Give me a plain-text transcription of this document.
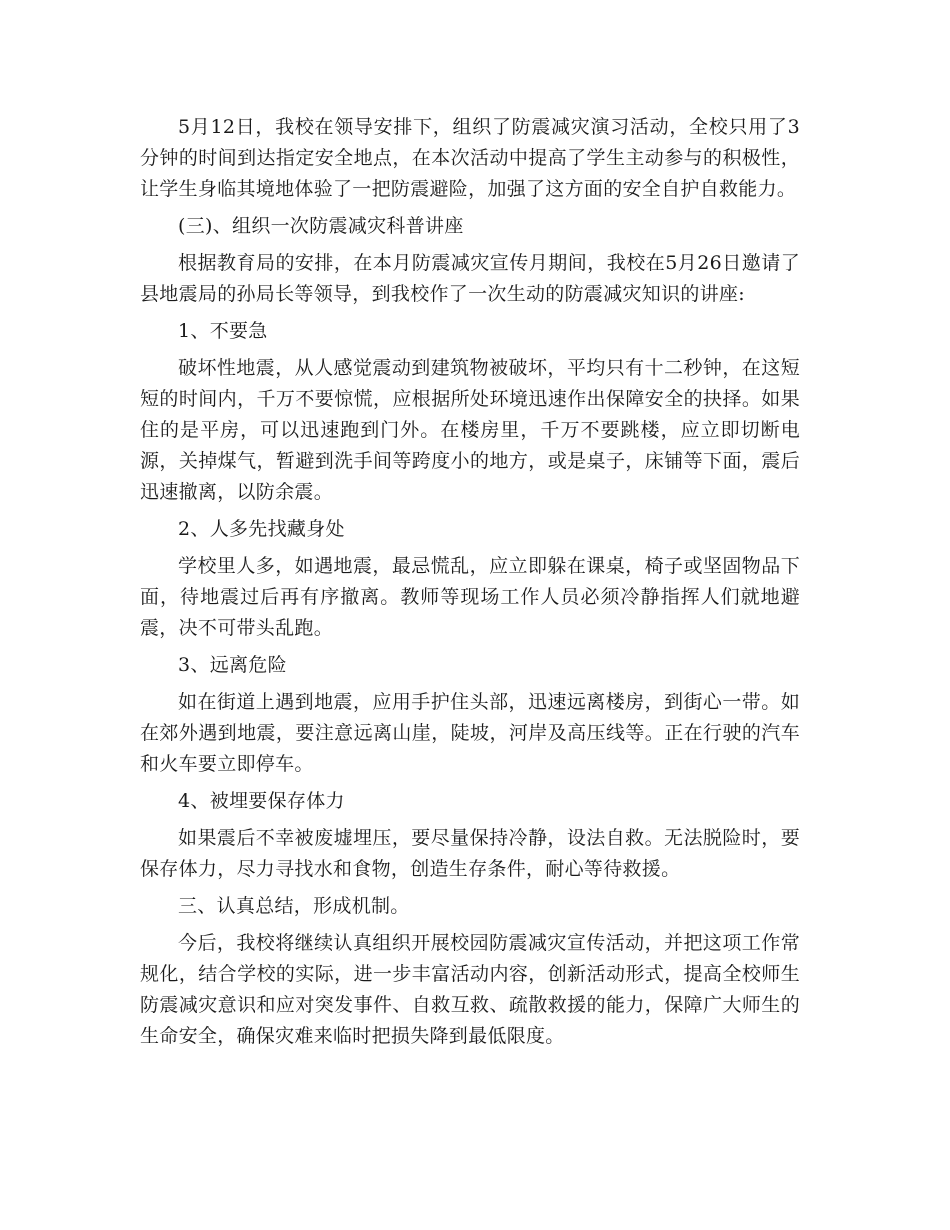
5月12日，我校在领导安排下，组织了防震减灾演习活动，全校只用了3分钟的时间到达指定安全地点，在本次活动中提高了学生主动参与的积极性，让学生身临其境地体验了一把防震避险，加强了这方面的安全自护自救能力。

(三)、组织一次防震减灾科普讲座

根据教育局的安排，在本月防震减灾宣传月期间，我校在5月26日邀请了县地震局的孙局长等领导，到我校作了一次生动的防震减灾知识的讲座:

1、不要急

破坏性地震，从人感觉震动到建筑物被破坏，平均只有十二秒钟，在这短短的时间内，千万不要惊慌，应根据所处环境迅速作出保障安全的抉择。如果住的是平房，可以迅速跑到门外。在楼房里，千万不要跳楼，应立即切断电源，关掉煤气，暂避到洗手间等跨度小的地方，或是桌子，床铺等下面，震后迅速撤离，以防余震。

2、人多先找藏身处

学校里人多，如遇地震，最忌慌乱，应立即躲在课桌，椅子或坚固物品下面，待地震过后再有序撤离。教师等现场工作人员必须冷静指挥人们就地避震，决不可带头乱跑。

3、远离危险

如在街道上遇到地震，应用手护住头部，迅速远离楼房，到街心一带。如在郊外遇到地震，要注意远离山崖，陡坡，河岸及高压线等。正在行驶的汽车和火车要立即停车。

4、被埋要保存体力

如果震后不幸被废墟埋压，要尽量保持冷静，设法自救。无法脱险时，要保存体力，尽力寻找水和食物，创造生存条件，耐心等待救援。

三、认真总结，形成机制。

今后，我校将继续认真组织开展校园防震减灾宣传活动，并把这项工作常规化，结合学校的实际，进一步丰富活动内容，创新活动形式，提高全校师生防震减灾意识和应对突发事件、自救互救、疏散救援的能力，保障广大师生的生命安全，确保灾难来临时把损失降到最低限度。
